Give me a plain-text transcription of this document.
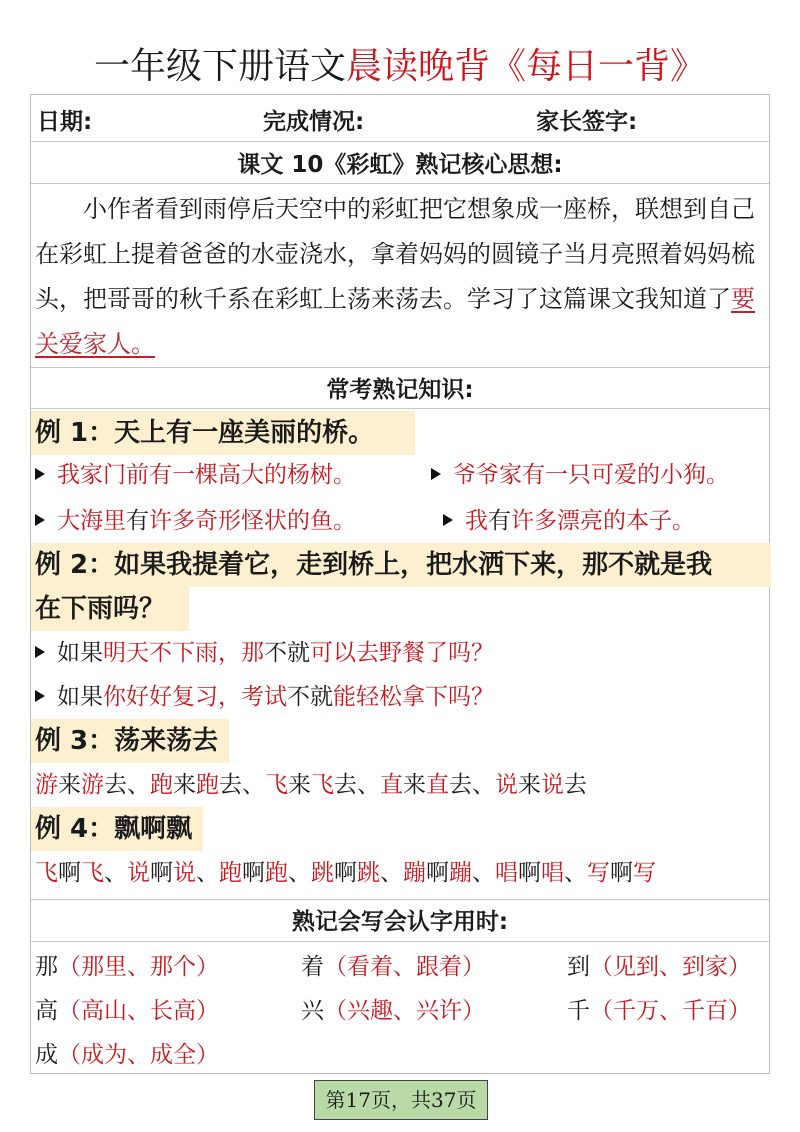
一年级下册语文晨读晚背《每日一背》
日期:	完成情况:	家长签字:
课文 10《彩虹》熟记核心思想:
小作者看到雨停后天空中的彩虹把它想象成一座桥，联想到自己在彩虹上提着爸爸的水壶浇水，拿着妈妈的圆镜子当月亮照着妈妈梳头，把哥哥的秋千系在彩虹上荡来荡去。学习了这篇课文我知道了要关爱家人。
常考熟记知识:
例 1：天上有一座美丽的桥。
我家门前有一棵高大的杨树。	爷爷家有一只可爱的小狗。
大海里有许多奇形怪状的鱼。	我有许多漂亮的本子。
例 2：如果我提着它，走到桥上，把水洒下来，那不就是我
在下雨吗？
如果明天不下雨，那不就可以去野餐了吗？
如果你好好复习，考试不就能轻松拿下吗？
例 3：荡来荡去
游来游去、跑来跑去、飞来飞去、直来直去、说来说去
例 4：飘啊飘
飞啊飞、说啊说、跑啊跑、跳啊跳、蹦啊蹦、唱啊唱、写啊写
熟记会写会认字用时:
那（那里、那个）	着（看着、跟着）	到（见到、到家）
高（高山、长高）	兴（兴趣、兴许）	千（千万、千百）
成（成为、成全）
第17页，共37页
